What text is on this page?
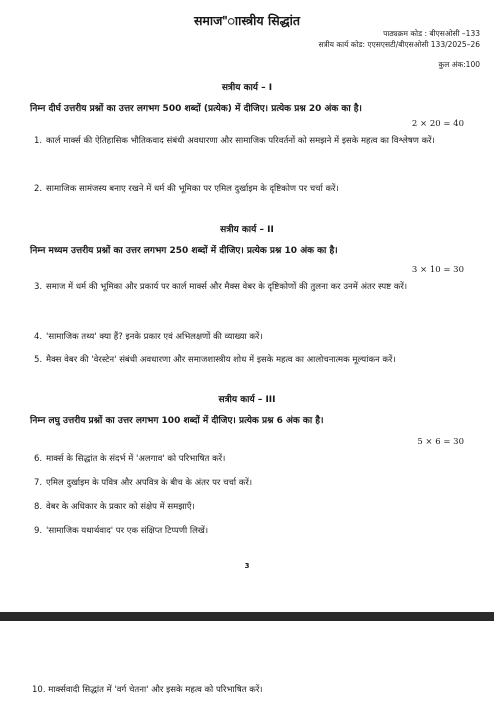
समाज"ाास्त्रीय सिद्धांत
पाठ्यक्रम कोड : बीएसओसी –133
सत्रीय कार्य कोड: एएसएसटी/बीएसओसी 133/2025–26
कुल अंक:100
सत्रीय कार्य – I
निम्न दीर्घ उत्तरीय प्रश्नों का उत्तर लगभग 500 शब्दों (प्रत्येक) में दीजिए। प्रत्येक प्रश्न 20 अंक का है।
2 × 20 = 40
1. कार्ल मार्क्स की ऐतिहासिक भौतिकवाद संबंधी अवधारणा और सामाजिक परिवर्तनों को समझने में इसके महत्व का विश्लेषण करें।
2. सामाजिक सामंजस्य बनाए रखने में धर्म की भूमिका पर एमिल दुर्खाइम के दृष्टिकोण पर चर्चा करें।
सत्रीय कार्य – II
निम्न मध्यम उत्तरीय प्रश्नों का उत्तर लगभग 250 शब्दों में दीजिए। प्रत्येक प्रश्न 10 अंक का है।
3 × 10 = 30
3. समाज में धर्म की भूमिका और प्रकार्य पर कार्ल मार्क्स और मैक्स वेबर के दृष्टिकोणों की तुलना कर उनमें अंतर स्पष्ट करें।
4. 'सामाजिक तथ्य' क्या हैं? इनके प्रकार एवं अभिलक्षणों की व्याख्या करें।
5. मैक्स वेबर की 'वेरस्टेन' संबंधी अवधारणा और समाजशास्त्रीय शोध में इसके महत्व का आलोचनात्मक मूल्यांकन करें।
सत्रीय कार्य – III
निम्न लघु उत्तरीय प्रश्नों का उत्तर लगभग 100 शब्दों में दीजिए। प्रत्येक प्रश्न 6 अंक का है।
5 × 6 = 30
6. मार्क्स के सिद्धांत के संदर्भ में 'अलगाव' को परिभाषित करें।
7. एमिल दुर्खाइम के पवित्र और अपवित्र के बीच के अंतर पर चर्चा करें।
8. वेबर के अधिकार के प्रकार को संक्षेप में समझाएँ।
9. 'सामाजिक यथार्थवाद' पर एक संक्षिप्त टिप्पणी लिखें।
3
10. मार्क्सवादी सिद्धांत में 'वर्ग चेतना' और इसके महत्व को परिभाषित करें।
